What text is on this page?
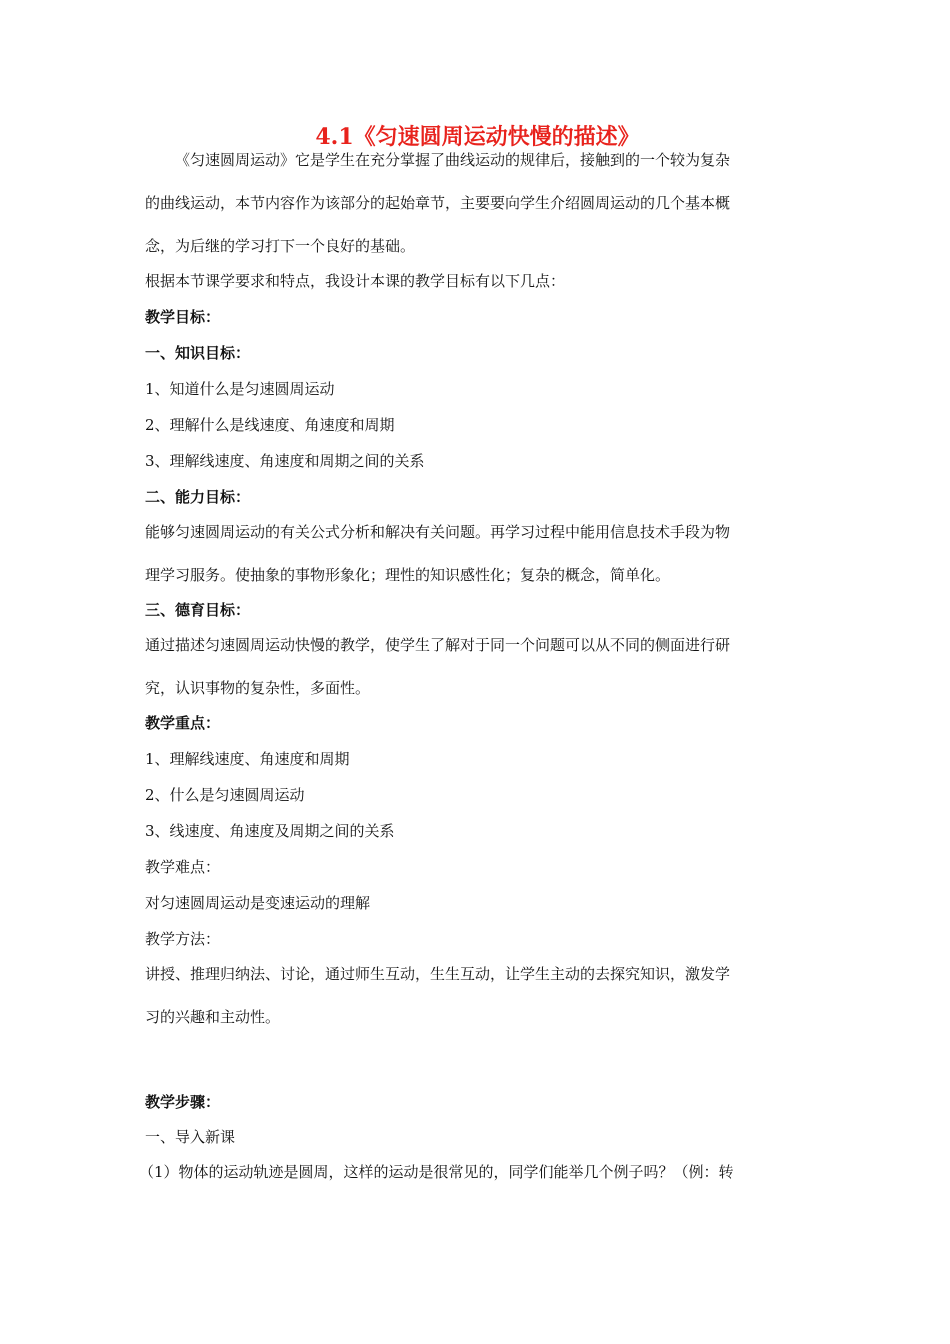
4.1《匀速圆周运动快慢的描述》

《匀速圆周运动》它是学生在充分掌握了曲线运动的规律后，接触到的一个较为复杂

的曲线运动，本节内容作为该部分的起始章节，主要要向学生介绍圆周运动的几个基本概

念，为后继的学习打下一个良好的基础。

根据本节课学要求和特点，我设计本课的教学目标有以下几点：

教学目标：

一、知识目标：

1、知道什么是匀速圆周运动

2、理解什么是线速度、角速度和周期

3、理解线速度、角速度和周期之间的关系

二、能力目标：

能够匀速圆周运动的有关公式分析和解决有关问题。再学习过程中能用信息技术手段为物

理学习服务。使抽象的事物形象化；理性的知识感性化；复杂的概念，简单化。

三、德育目标：

通过描述匀速圆周运动快慢的教学，使学生了解对于同一个问题可以从不同的侧面进行研

究，认识事物的复杂性，多面性。

教学重点：

1、理解线速度、角速度和周期

2、什么是匀速圆周运动

3、线速度、角速度及周期之间的关系

教学难点：

对匀速圆周运动是变速运动的理解

教学方法：

讲授、推理归纳法、讨论，通过师生互动，生生互动，让学生主动的去探究知识，激发学

习的兴趣和主动性。

教学步骤：

一、导入新课

（1）物体的运动轨迹是圆周，这样的运动是很常见的，同学们能举几个例子吗？（例：转
